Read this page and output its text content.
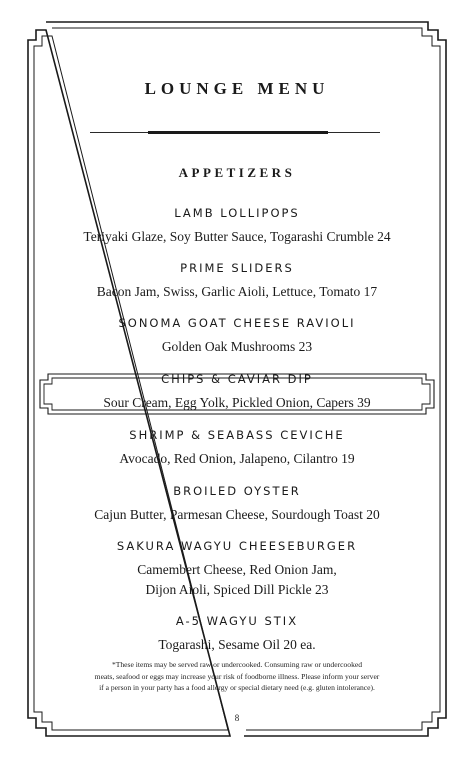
LOUNGE MENU
APPETIZERS
LAMB LOLLIPOPS
Teriyaki Glaze, Soy Butter Sauce, Togarashi Crumble 24
PRIME SLIDERS
Bacon Jam, Swiss, Garlic Aioli, Lettuce, Tomato 17
SONOMA GOAT CHEESE RAVIOLI
Golden Oak Mushrooms 23
CHIPS & CAVIAR DIP
Sour Cream, Egg Yolk, Pickled Onion, Capers 39
SHRIMP & SEABASS CEVICHE
Avocado, Red Onion, Jalapeno, Cilantro 19
BROILED OYSTER
Cajun Butter, Parmesan Cheese, Sourdough Toast 20
SAKURA WAGYU CHEESEBURGER
Camembert Cheese, Red Onion Jam,
Dijon Aioli, Spiced Dill Pickle 23
A-5 WAGYU STIX
Togarashi, Sesame Oil 20 ea.
*These items may be served raw or undercooked. Consuming raw or undercooked
meats, seafood or eggs may increase your risk of foodborne illness. Please inform your server
if a person in your party has a food allergy or special dietary need (e.g. gluten intolerance).
8
